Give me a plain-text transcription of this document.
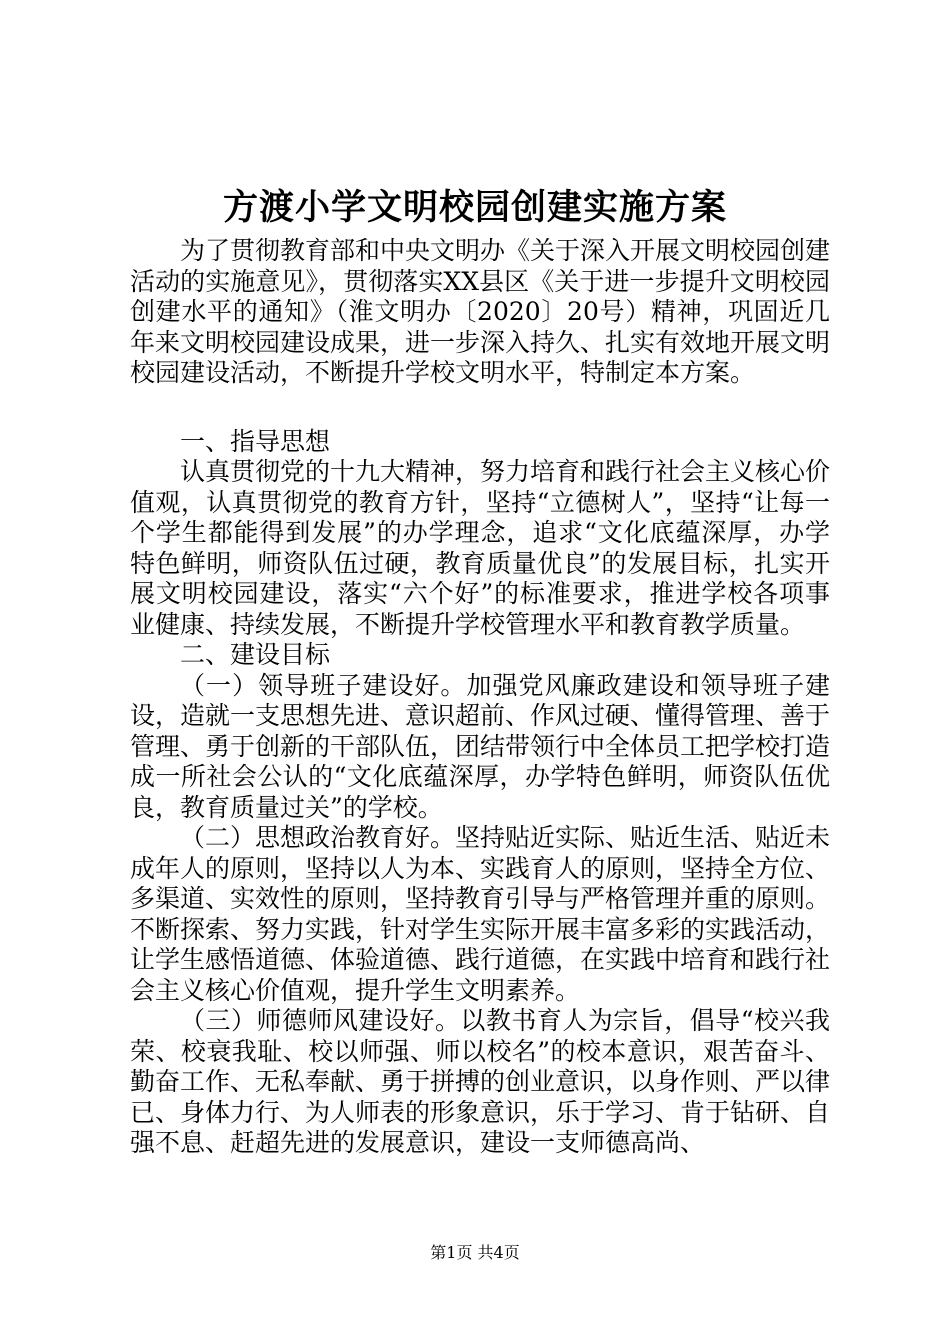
方渡小学文明校园创建实施方案

为了贯彻教育部和中央文明办《关于深入开展文明校园创建活动的实施意见》，贯彻落实XX县区《关于进一步提升文明校园创建水平的通知》（淮文明办〔2020〕20号）精神，巩固近几年来文明校园建设成果，进一步深入持久、扎实有效地开展文明校园建设活动，不断提升学校文明水平，特制定本方案。

一、指导思想

认真贯彻党的十九大精神，努力培育和践行社会主义核心价值观，认真贯彻党的教育方针，坚持“立德树人”，坚持“让每一个学生都能得到发展”的办学理念，追求“文化底蕴深厚，办学特色鲜明，师资队伍过硬，教育质量优良”的发展目标，扎实开展文明校园建设，落实“六个好”的标准要求，推进学校各项事业健康、持续发展，不断提升学校管理水平和教育教学质量。

二、建设目标

（一）领导班子建设好。加强党风廉政建设和领导班子建设，造就一支思想先进、意识超前、作风过硬、懂得管理、善于管理、勇于创新的干部队伍，团结带领行中全体员工把学校打造成一所社会公认的“文化底蕴深厚，办学特色鲜明，师资队伍优良，教育质量过关”的学校。

（二）思想政治教育好。坚持贴近实际、贴近生活、贴近未成年人的原则，坚持以人为本、实践育人的原则，坚持全方位、多渠道、实效性的原则，坚持教育引导与严格管理并重的原则。不断探索、努力实践，针对学生实际开展丰富多彩的实践活动，让学生感悟道德、体验道德、践行道德，在实践中培育和践行社会主义核心价值观，提升学生文明素养。

（三）师德师风建设好。以教书育人为宗旨，倡导“校兴我荣、校衰我耻、校以师强、师以校名”的校本意识，艰苦奋斗、勤奋工作、无私奉献、勇于拼搏的创业意识，以身作则、严以律已、身体力行、为人师表的形象意识，乐于学习、肯于钻研、自强不息、赶超先进的发展意识，建设一支师德高尚、

第1页 共4页
